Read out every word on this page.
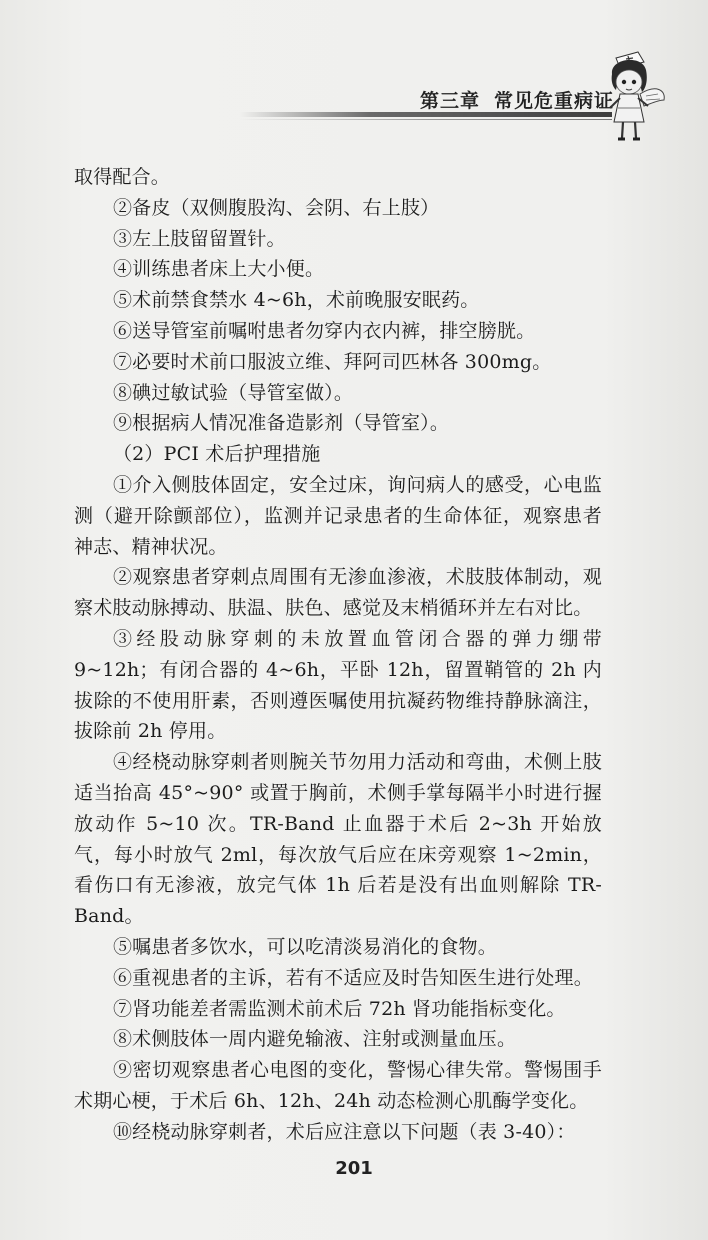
第三章 常见危重病证

取得配合。

②备皮（双侧腹股沟、会阴、右上肢）

③左上肢留留置针。

④训练患者床上大小便。

⑤术前禁食禁水 4~6h，术前晚服安眠药。

⑥送导管室前嘱咐患者勿穿内衣内裤，排空膀胱。

⑦必要时术前口服波立维、拜阿司匹林各 300mg。

⑧碘过敏试验（导管室做）。

⑨根据病人情况准备造影剂（导管室）。

（2）PCI 术后护理措施

①介入侧肢体固定，安全过床，询问病人的感受，心电监测（避开除颤部位），监测并记录患者的生命体征，观察患者神志、精神状况。

②观察患者穿刺点周围有无渗血渗液，术肢肢体制动，观察术肢动脉搏动、肤温、肤色、感觉及末梢循环并左右对比。

③经股动脉穿刺的未放置血管闭合器的弹力绷带 9~12h；有闭合器的 4~6h，平卧 12h，留置鞘管的 2h 内拔除的不使用肝素，否则遵医嘱使用抗凝药物维持静脉滴注，拔除前 2h 停用。

④经桡动脉穿刺者则腕关节勿用力活动和弯曲，术侧上肢适当抬高 45°~90° 或置于胸前，术侧手掌每隔半小时进行握放动作 5~10 次。TR-Band 止血器于术后 2~3h 开始放气，每小时放气 2ml，每次放气后应在床旁观察 1~2min，看伤口有无渗液，放完气体 1h 后若是没有出血则解除 TR-Band。

⑤嘱患者多饮水，可以吃清淡易消化的食物。

⑥重视患者的主诉，若有不适应及时告知医生进行处理。

⑦肾功能差者需监测术前术后 72h 肾功能指标变化。

⑧术侧肢体一周内避免输液、注射或测量血压。

⑨密切观察患者心电图的变化，警惕心律失常。警惕围手术期心梗，于术后 6h、12h、24h 动态检测心肌酶学变化。

⑩经桡动脉穿刺者，术后应注意以下问题（表 3-40）：

201
